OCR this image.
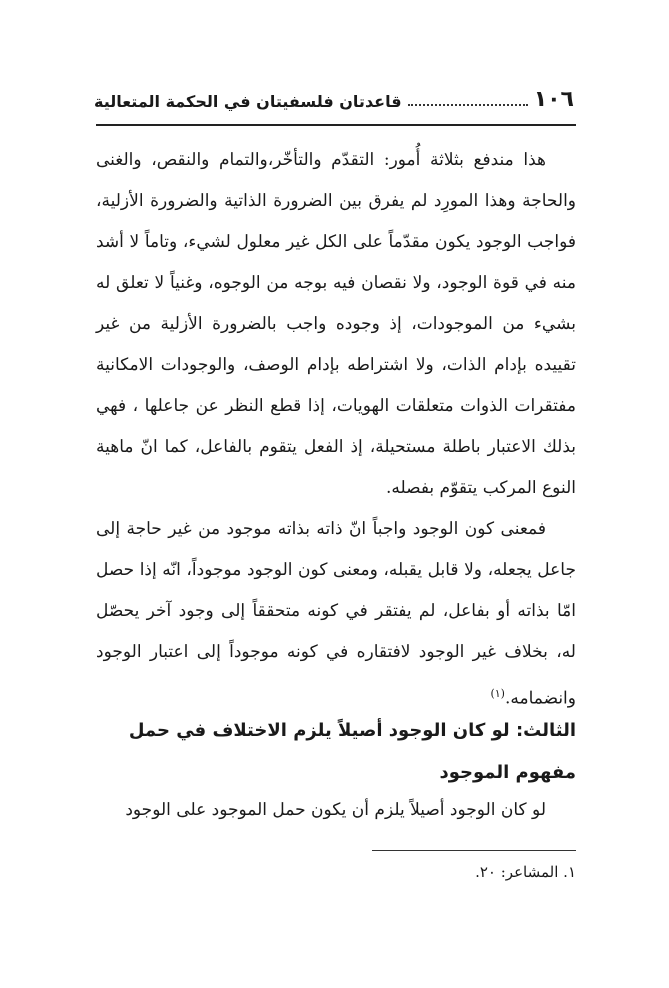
١٠٦
قاعدتان فلسفيتان في الحكمة المتعالية

هذا مندفع بثلاثة أُمور: التقدّم والتأخّر،والتمام والنقص، والغنى والحاجة وهذا المورِد لم يفرق بين الضرورة الذاتية والضرورة الأزلية، فواجب الوجود يكون مقدّماً على الكل غير معلول لشيء، وتاماً لا أشد منه في قوة الوجود، ولا نقصان فيه بوجه من الوجوه، وغنياً لا تعلق له بشيء من الموجودات، إذ وجوده واجب بالضرورة الأزلية من غير تقييده بإدام الذات، ولا اشتراطه بإدام الوصف، والوجودات الامكانية مفتقرات الذوات متعلقات الهويات، إذا قطع النظر عن جاعلها ، فهي بذلك الاعتبار باطلة مستحيلة، إذ الفعل يتقوم بالفاعل، كما انّ ماهية النوع المركب يتقوّم بفصله.

فمعنى كون الوجود واجباً انّ ذاته بذاته موجود من غير حاجة إلى جاعل يجعله، ولا قابل يقبله، ومعنى كون الوجود موجوداً، انّه إذا حصل امّا بذاته أو بفاعل، لم يفتقر في كونه متحققاً إلى وجود آخر يحصّل له، بخلاف غير الوجود لافتقاره في كونه موجوداً إلى اعتبار الوجود وانضمامه.$^{(١)}$

الثالث: لو كان الوجود أصيلاً يلزم الاختلاف في حمل مفهوم الموجود

لو كان الوجود أصيلاً يلزم أن يكون حمل الموجود على الوجود

١. المشاعر: ٢٠.
